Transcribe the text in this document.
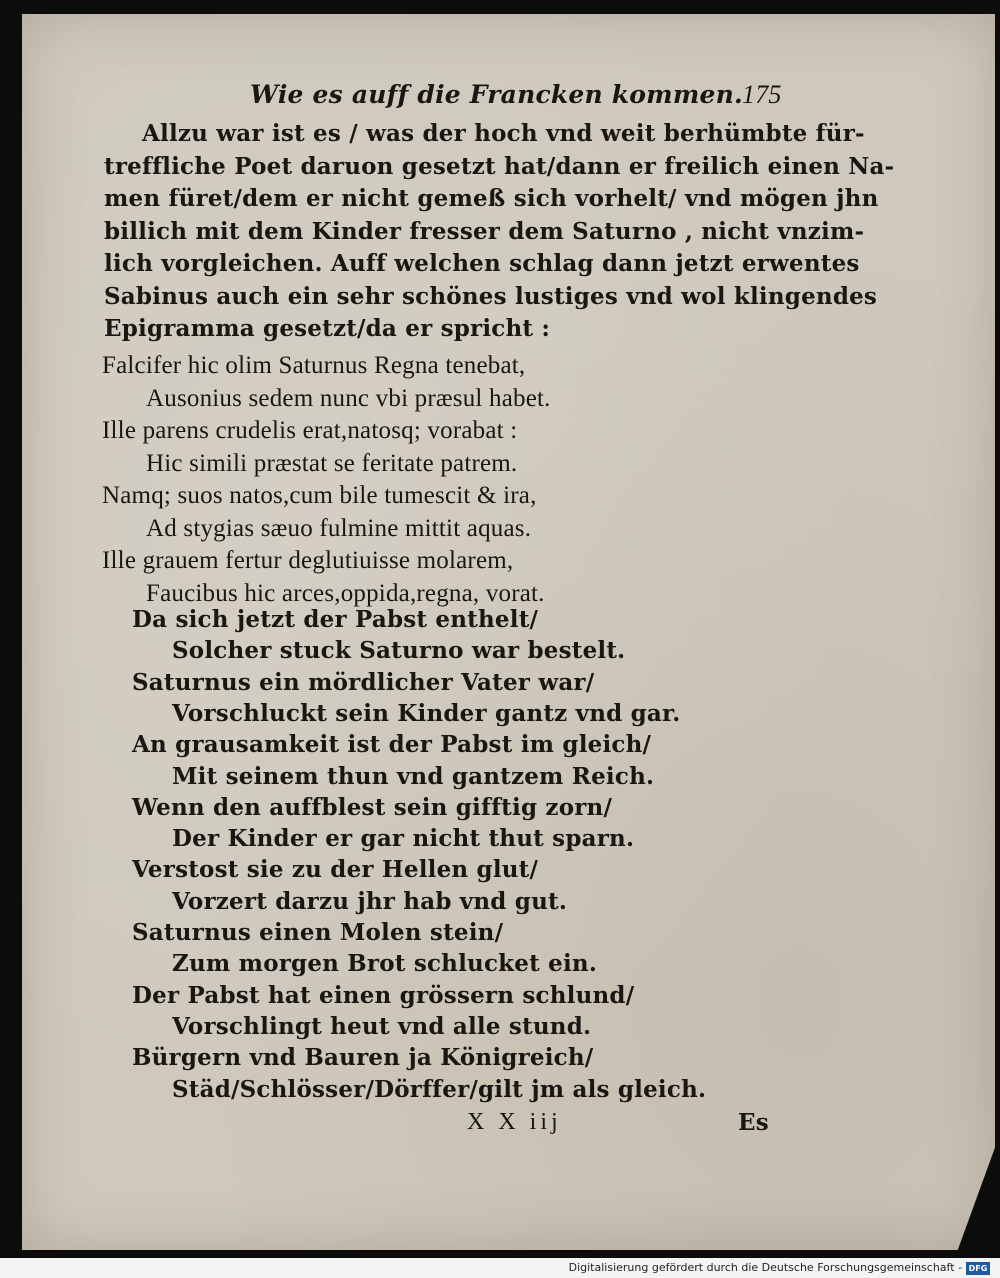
Wie es auff die Francken kommen. 175
Allzu war ist es / was der hoch vnd weit berhümbte für-
treffliche Poet daruon gesetzt hat/dann er freilich einen Na-
men füret/dem er nicht gemeß sich vorhelt/ vnd mögen jhn
billich mit dem Kinder fresser dem Saturno , nicht vnzim-
lich vorgleichen. Auff welchen schlag dann jetzt erwentes
Sabinus auch ein sehr schönes lustiges vnd wol klingendes
Epigramma gesetzt/da er spricht :
Falcifer hic olim Saturnus Regna tenebat,
Ausonius sedem nunc vbi præsul habet.
Ille parens crudelis erat,natosq; vorabat :
Hic simili præstat se feritate patrem.
Namq; suos natos,cum bile tumescit & ira,
Ad stygias sæuo fulmine mittit aquas.
Ille grauem fertur deglutiuisse molarem,
Faucibus hic arces,oppida,regna, vorat.
Da sich jetzt der Pabst enthelt/
Solcher stuck Saturno war bestelt.
Saturnus ein mördlicher Vater war/
Vorschluckt sein Kinder gantz vnd gar.
An grausamkeit ist der Pabst im gleich/
Mit seinem thun vnd gantzem Reich.
Wenn den auffblest sein gifftig zorn/
Der Kinder er gar nicht thut sparn.
Verstost sie zu der Hellen glut/
Vorzert darzu jhr hab vnd gut.
Saturnus einen Molen stein/
Zum morgen Brot schlucket ein.
Der Pabst hat einen grössern schlund/
Vorschlingt heut vnd alle stund.
Bürgern vnd Bauren ja Königreich/
Städ/Schlösser/Dörffer/gilt jm als gleich.
X X iij	Es
Digitalisierung gefördert durch die Deutsche Forschungsgemeinschaft - DFG
